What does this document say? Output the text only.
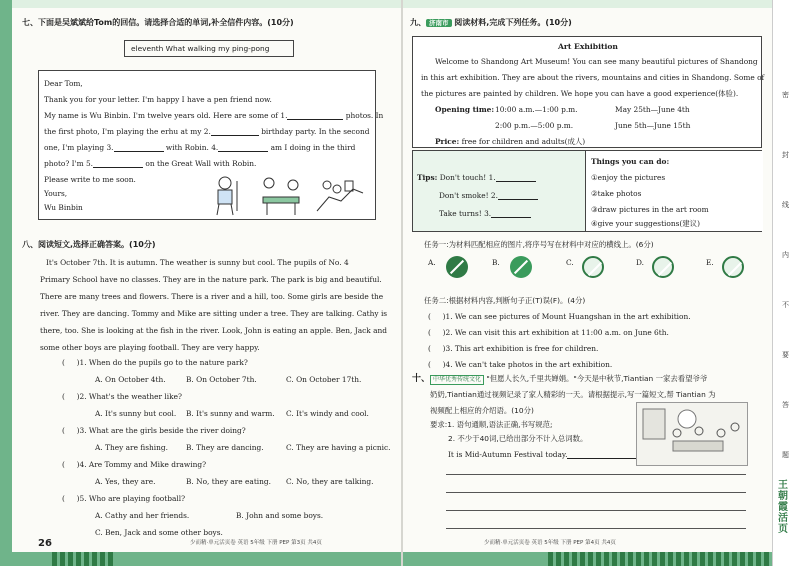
七、下面是吴斌斌给Tom的回信。请选择合适的单词,补全信件内容。(10分)
eleventh What walking my ping-pong
Dear Tom,
Thank you for your letter. I'm happy I have a pen friend now.
My name is Wu Binbin. I'm twelve years old. Here are some of 1.	photos. In
the first photo, I'm playing the erhu at my 2.	birthday party. In the second
one, I'm playing 3.	with Robin. 4.	am I doing in the third
photo? I'm 5.	on the Great Wall with Robin.
Please write to me soon.
Yours,
Wu Binbin
八、阅读短文,选择正确答案。(10分)
It's October 7th. It is autumn. The weather is sunny but cool. The pupils of No. 4
Primary School have no classes. They are in the nature park. The park is big and beautiful.
There are many trees and flowers. There is a river and a hill, too. Some girls are beside the
river. They are dancing. Tommy and Mike are sitting under a tree. They are talking. Cathy is
there, too. She is looking at the fish in the river. Look, John is eating an apple. Ben, Jack and
some other boys are playing football. They are very happy.
(     )1. When do the pupils go to the nature park?
A. On October 4th.	B. On October 7th.	C. On October 17th.
(     )2. What's the weather like?
A. It's sunny but cool. B. It's sunny and warm. C. It's windy and cool.
(     )3. What are the girls beside the river doing?
A. They are fishing. B. They are dancing.	C. They are having a picnic.
(     )4. Are Tommy and Mike drawing?
A. Yes, they are.	B. No, they are eating. C. No, they are talking.
(     )5. Who are playing football?
A. Cathy and her friends.	B. John and some boys.
C. Ben, Jack and some other boys.
26	少而精·单元活页卷 英语 5年级 下册 PEP 第3页 共4页
九、 济南市 阅读材料,完成下列任务。(10分)
Art Exhibition
Welcome to Shandong Art Museum! You can see many beautiful pictures of Shandong
in this art exhibition. They are about the rivers, mountains and cities in Shandong. Some of
the pictures are painted by children. We hope you can have a good experience(体验).
Opening time: 10:00 a.m.—1:00 p.m.	May 25th—June 4th
2:00 p.m.—5:00 p.m.	June 5th—June 15th
Price: free for children and adults(成人)
Tips: Don't touch! 1.
Don't smoke! 2.
Take turns! 3.
Things you can do:
①enjoy the pictures
②take photos
③draw pictures in the art room
④give your suggestions(建议)
任务一:为材料匹配相应的图片,将序号写在材料中对应的横线上。(6分)
A.	B.	C.	D.	E.
任务二:根据材料内容,判断句子正(T)误(F)。(4分)
(     )1. We can see pictures of Mount Huangshan in the art exhibition.
(     )2. We can visit this art exhibition at 11:00 a.m. on June 6th.
(     )3. This art exhibition is free for children.
(     )4. We can't take photos in the art exhibition.
十、 中华优秀传统文化 "但愿人长久,千里共婵娟。"今天是中秋节,Tiantian 一家去看望爷爷
奶奶,Tiantian通过视频记录了家人精彩的一天。请根据提示,写一篇短文,帮 Tiantian 为
视频配上相应的介绍语。(10分)
要求:1. 语句通顺,语法正确,书写规范;
2. 不少于40词,已给出部分不计入总词数。
It is Mid-Autumn Festival today.
少而精·单元活页卷 英语 5年级 下册 PEP 第4页 共4页
密
封
线
内
不
要
答
题
王朝霞活页
